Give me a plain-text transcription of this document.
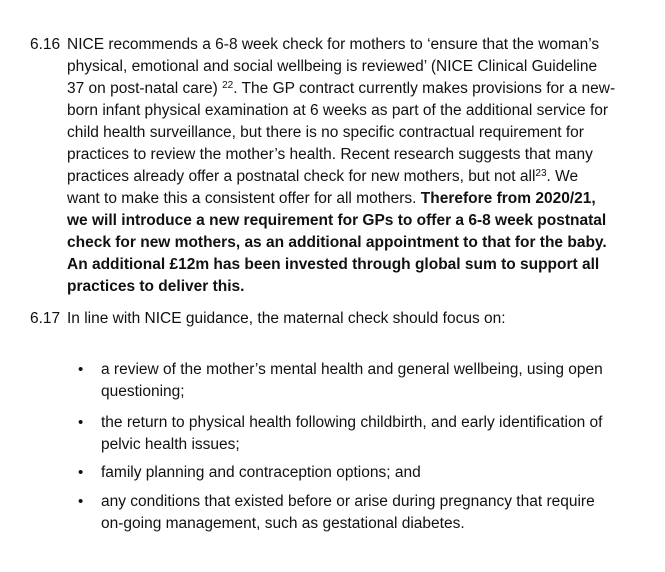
6.16 NICE recommends a 6-8 week check for mothers to ‘ensure that the woman’s
physical, emotional and social wellbeing is reviewed’ (NICE Clinical Guideline
37 on post-natal care) $^{22}$. The GP contract currently makes provisions for a new-
born infant physical examination at 6 weeks as part of the additional service for
child health surveillance, but there is no specific contractual requirement for
practices to review the mother’s health. Recent research suggests that many
practices already offer a postnatal check for new mothers, but not all$^{23}$. We
want to make this a consistent offer for all mothers. Therefore from 2020/21,
we will introduce a new requirement for GPs to offer a 6-8 week postnatal
check for new mothers, as an additional appointment to that for the baby.
An additional £12m has been invested through global sum to support all
practices to deliver this.
6.17 In line with NICE guidance, the maternal check should focus on:
• a review of the mother’s mental health and general wellbeing, using open
questioning;
• the return to physical health following childbirth, and early identification of
pelvic health issues;
• family planning and contraception options; and
• any conditions that existed before or arise during pregnancy that require
on-going management, such as gestational diabetes.
